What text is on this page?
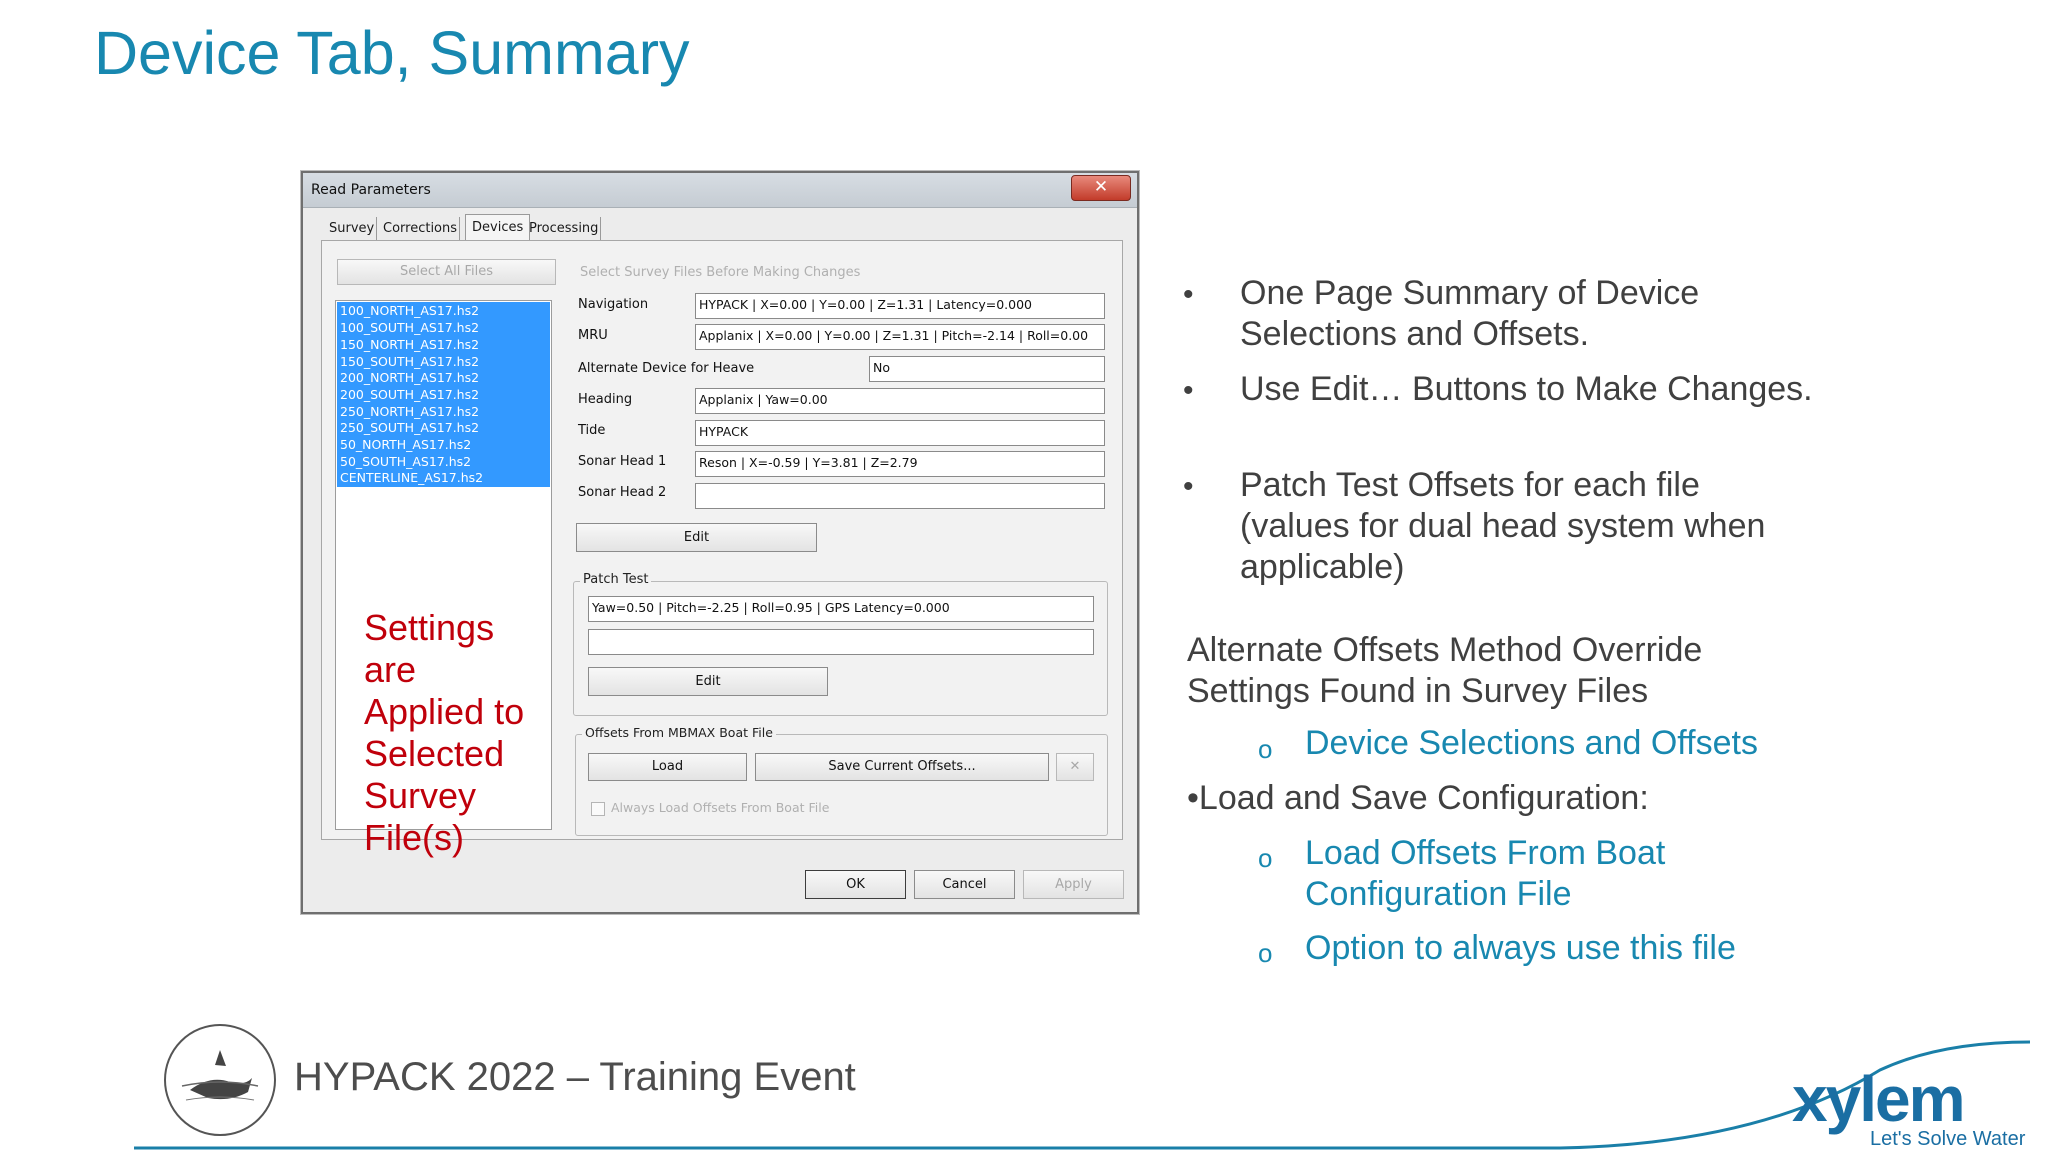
Device Tab, Summary
Read Parameters	✕
Survey Corrections	Devices Processing
Select All Files
100_NORTH_AS17.hs2
100_SOUTH_AS17.hs2
150_NORTH_AS17.hs2
150_SOUTH_AS17.hs2
200_NORTH_AS17.hs2
200_SOUTH_AS17.hs2
250_NORTH_AS17.hs2
250_SOUTH_AS17.hs2
50_NORTH_AS17.hs2
50_SOUTH_AS17.hs2
CENTERLINE_AS17.hs2
Select Survey Files Before Making Changes
Navigation	HYPACK | X=0.00 | Y=0.00 | Z=1.31 | Latency=0.000
MRU	Applanix | X=0.00 | Y=0.00 | Z=1.31 | Pitch=-2.14 | Roll=0.00
Alternate Device for Heave	No
Heading	Applanix | Yaw=0.00
Tide	HYPACK
Sonar Head 1	Reson | X=-0.59 | Y=3.81 | Z=2.79
Sonar Head 2
Edit
Patch Test
Yaw=0.50 | Pitch=-2.25 | Roll=0.95 | GPS Latency=0.000
Edit
Offsets From MBMAX Boat File
Load	Save Current Offsets...	✕
Always Load Offsets From Boat File
OK	Cancel	Apply
Settings
are
Applied to
Selected
Survey
File(s)
• One Page Summary of Device Selections and Offsets.
• Use Edit… Buttons to Make Changes.
• Patch Test Offsets for each file (values for dual head system when applicable)
Alternate Offsets Method Override Settings Found in Survey Files
o Device Selections and Offsets
•Load and Save Configuration:
o Load Offsets From Boat Configuration File
o Option to always use this file
HYPACK 2022 – Training Event	xylem
Let's Solve Water
